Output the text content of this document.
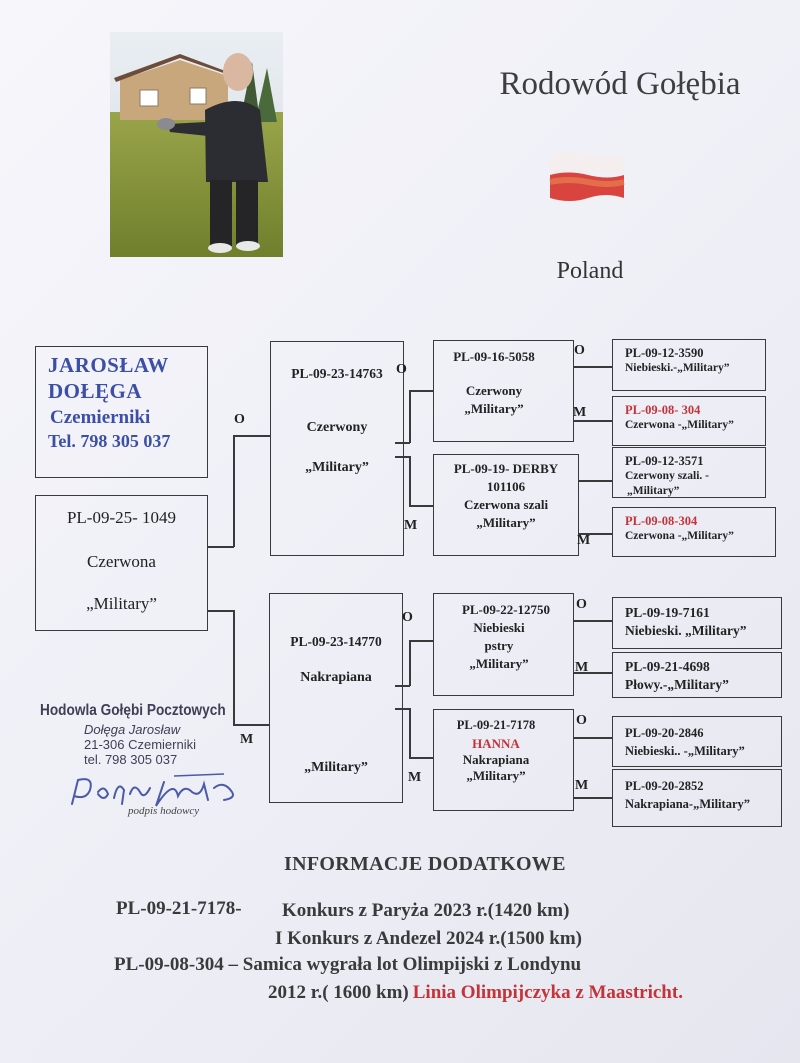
Rodowód Gołębia
Poland
JAROSŁAW
DOŁĘGA
Czemierniki
Tel. 798 305 037
PL-09-25- 1049
Czerwona
„Military”
O
M
PL-09-23-14763
Czerwony
„Military”
PL-09-23-14770
Nakrapiana
„Military”
O
M
O
M
PL-09-16-5058
Czerwony
„Military”
PL-09-19- DERBY
101106
Czerwona szali
„Military”
PL-09-22-12750
Niebieski
pstry
„Military”
PL-09-21-7178
HANNA
Nakrapiana
„Military”
O
M
M
O
M
O
M
PL-09-12-3590
Niebieski.-„Military”
PL-09-08- 304
Czerwona -„Military”
PL-09-12-3571
Czerwony szali. -
„Military”
PL-09-08-304
Czerwona -„Military”
PL-09-19-7161
Niebieski. „Military”
PL-09-21-4698
Płowy.-„Military”
PL-09-20-2846
Niebieski.. -„Military”
PL-09-20-2852
Nakrapiana-„Military”
Hodowla Gołębi Pocztowych
Dołęga Jarosław
21-306 Czemierniki
tel. 798 305 037
podpis hodowcy
INFORMACJE DODATKOWE
PL-09-21-7178- Konkurs z Paryża 2023 r.(1420 km)
I Konkurs z Andezel 2024 r.(1500 km)
PL-09-08-304 – Samica wygrała lot Olimpijski z Londynu
2012 r.( 1600 km) Linia Olimpijczyka z Maastricht.
